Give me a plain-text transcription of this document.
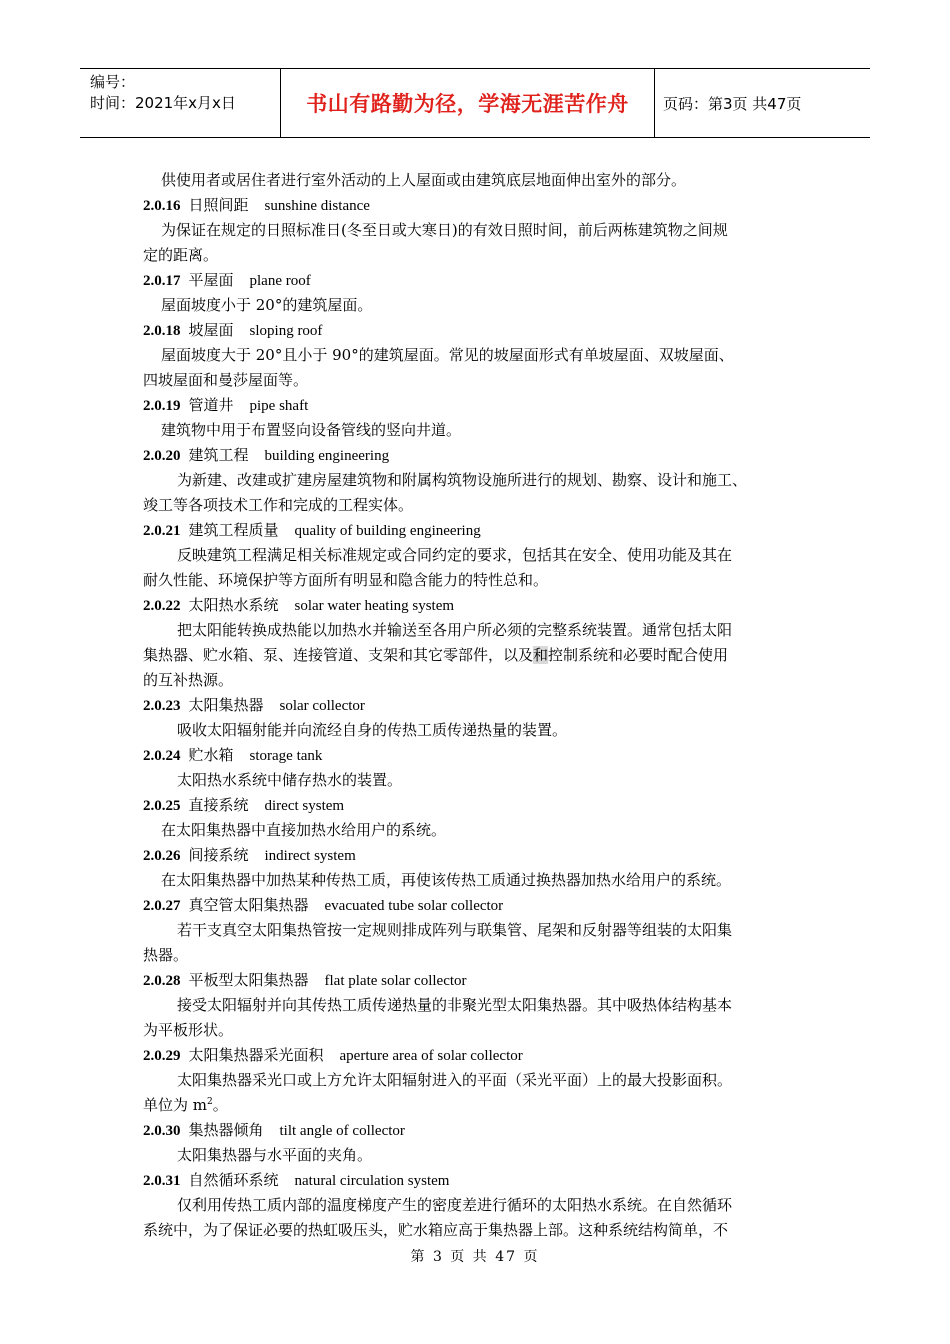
编号：
时间：2021年x月x日	书山有路勤为径，学海无涯苦作舟 页码：第3页 共47页
供使用者或居住者进行室外活动的上人屋面或由建筑底层地面伸出室外的部分。
2.0.16 日照间距 sunshine distance
为保证在规定的日照标准日(冬至日或大寒日)的有效日照时间，前后两栋建筑物之间规
定的距离。
2.0.17 平屋面 plane roof
屋面坡度小于 20°的建筑屋面。
2.0.18 坡屋面 sloping roof
屋面坡度大于 20°且小于 90°的建筑屋面。常见的坡屋面形式有单坡屋面、双坡屋面、
四坡屋面和曼莎屋面等。
2.0.19 管道井 pipe shaft
建筑物中用于布置竖向设备管线的竖向井道。
2.0.20 建筑工程 building engineering
为新建、改建或扩建房屋建筑物和附属构筑物设施所进行的规划、勘察、设计和施工、
竣工等各项技术工作和完成的工程实体。
2.0.21 建筑工程质量 quality of building engineering
反映建筑工程满足相关标准规定或合同约定的要求，包括其在安全、使用功能及其在
耐久性能、环境保护等方面所有明显和隐含能力的特性总和。
2.0.22 太阳热水系统 solar water heating system
把太阳能转换成热能以加热水并输送至各用户所必须的完整系统装置。通常包括太阳
集热器、贮水箱、泵、连接管道、支架和其它零部件，以及和控制系统和必要时配合使用
的互补热源。
2.0.23 太阳集热器 solar collector
吸收太阳辐射能并向流经自身的传热工质传递热量的装置。
2.0.24 贮水箱 storage tank
太阳热水系统中储存热水的装置。
2.0.25 直接系统 direct system
在太阳集热器中直接加热水给用户的系统。
2.0.26 间接系统 indirect system
在太阳集热器中加热某种传热工质，再使该传热工质通过换热器加热水给用户的系统。
2.0.27 真空管太阳集热器 evacuated tube solar collector
若干支真空太阳集热管按一定规则排成阵列与联集管、尾架和反射器等组装的太阳集
热器。
2.0.28 平板型太阳集热器 flat plate solar collector
接受太阳辐射并向其传热工质传递热量的非聚光型太阳集热器。其中吸热体结构基本
为平板形状。
2.0.29 太阳集热器采光面积 aperture area of solar collector
太阳集热器采光口或上方允许太阳辐射进入的平面（采光平面）上的最大投影面积。
单位为 $m^2$。
2.0.30 集热器倾角 tilt angle of collector
太阳集热器与水平面的夹角。
2.0.31 自然循环系统 natural circulation system
仅利用传热工质内部的温度梯度产生的密度差进行循环的太阳热水系统。在自然循环
系统中，为了保证必要的热虹吸压头，贮水箱应高于集热器上部。这种系统结构简单，不
第 3 页 共 47 页
